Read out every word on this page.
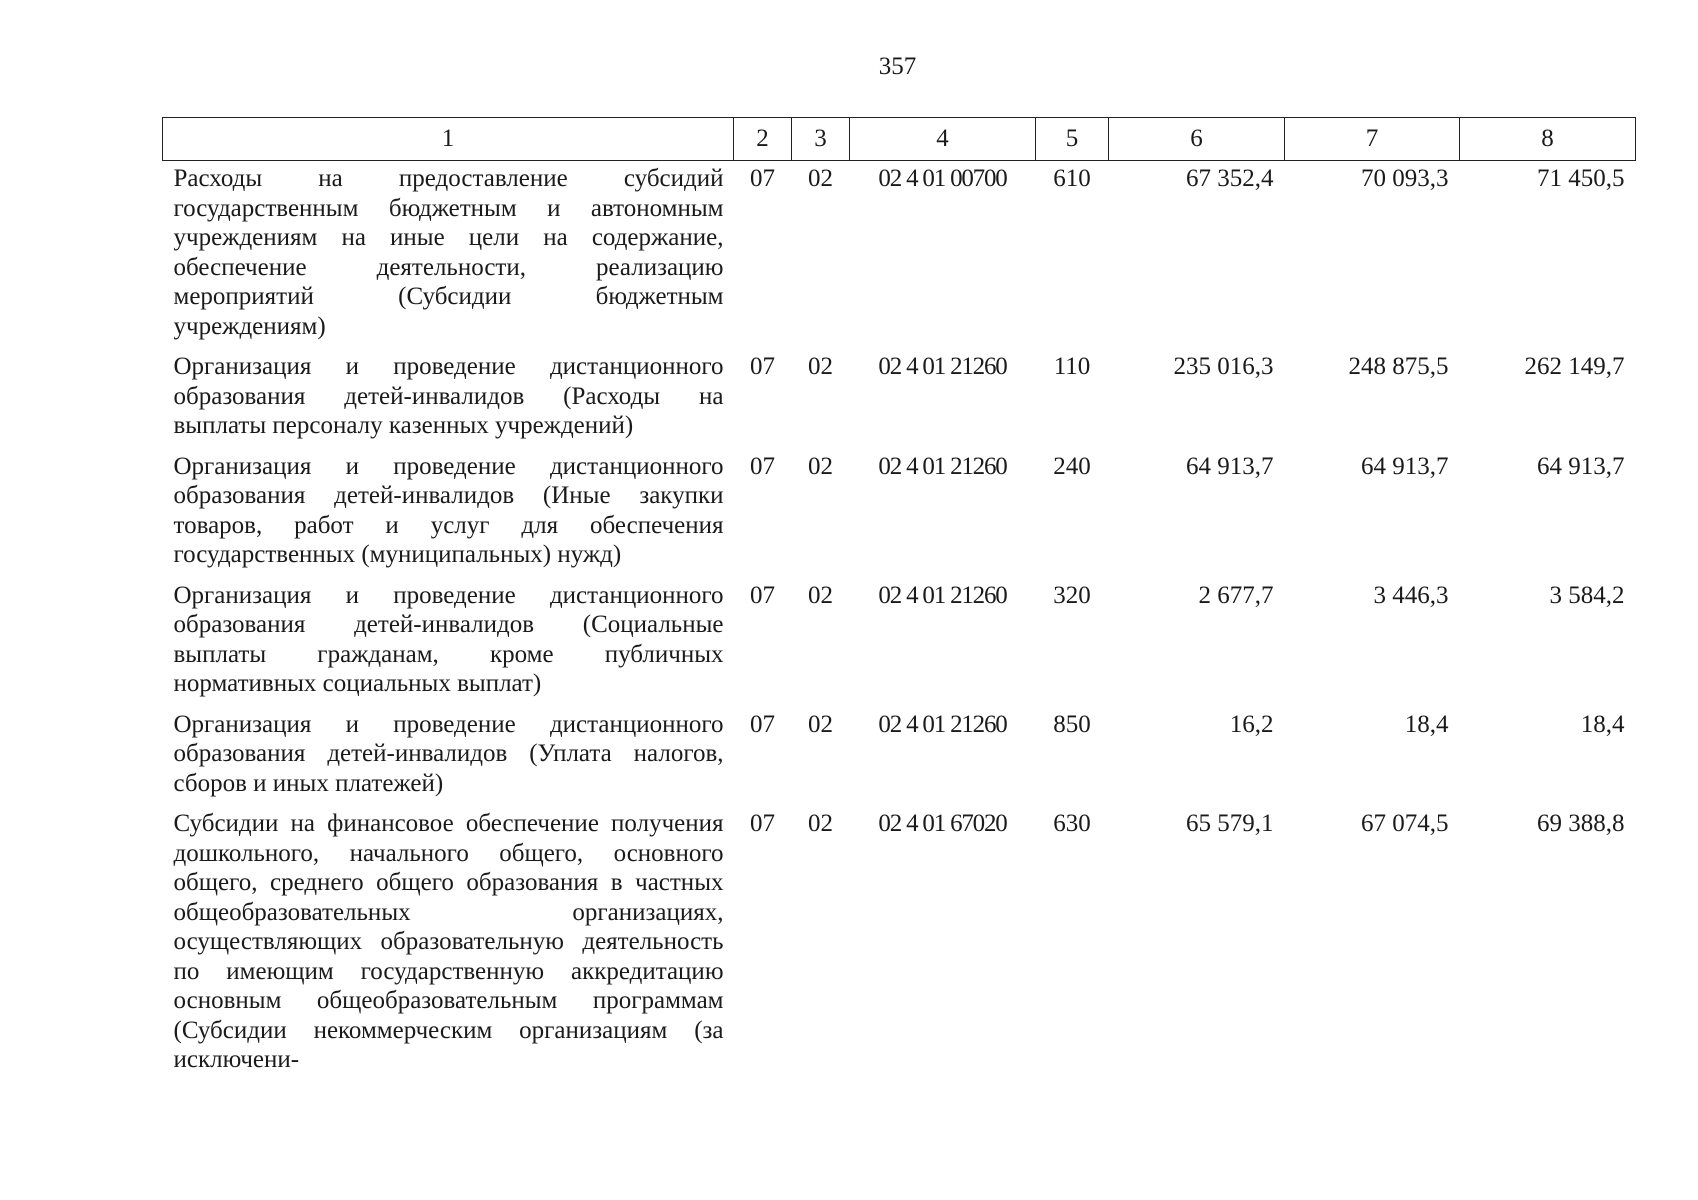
357
1	2	3	4	5	6	7	8
Расходы на предоставление субсидий государственным бюджетным и автономным учреждениям на иные цели на содержание, обеспечение деятельности, реализацию мероприятий (Субсидии бюджетным учреждениям)	07	02	02 4 01 00700	610	67 352,4	70 093,3	71 450,5
Организация и проведение дистанционного образования детей-инвалидов (Расходы на выплаты персоналу казенных учреждений)	07	02	02 4 01 21260	110	235 016,3	248 875,5	262 149,7
Организация и проведение дистанционного образования детей-инвалидов (Иные закупки товаров, работ и услуг для обеспечения государственных (муниципальных) нужд)	07	02	02 4 01 21260	240	64 913,7	64 913,7	64 913,7
Организация и проведение дистанционного образования детей-инвалидов (Социальные выплаты гражданам, кроме публичных нормативных социальных выплат)	07	02	02 4 01 21260	320	2 677,7	3 446,3	3 584,2
Организация и проведение дистанционного образования детей-инвалидов (Уплата налогов, сборов и иных платежей)	07	02	02 4 01 21260	850	16,2	18,4	18,4
Субсидии на финансовое обеспечение получения дошкольного, начального общего, основного общего, среднего общего образования в частных общеобразовательных организациях, осуществляющих образовательную деятельность по имеющим государственную аккредитацию основным общеобразовательным программам (Субсидии некоммерческим организациям (за исключени-	07	02	02 4 01 67020	630	65 579,1	67 074,5	69 388,8
